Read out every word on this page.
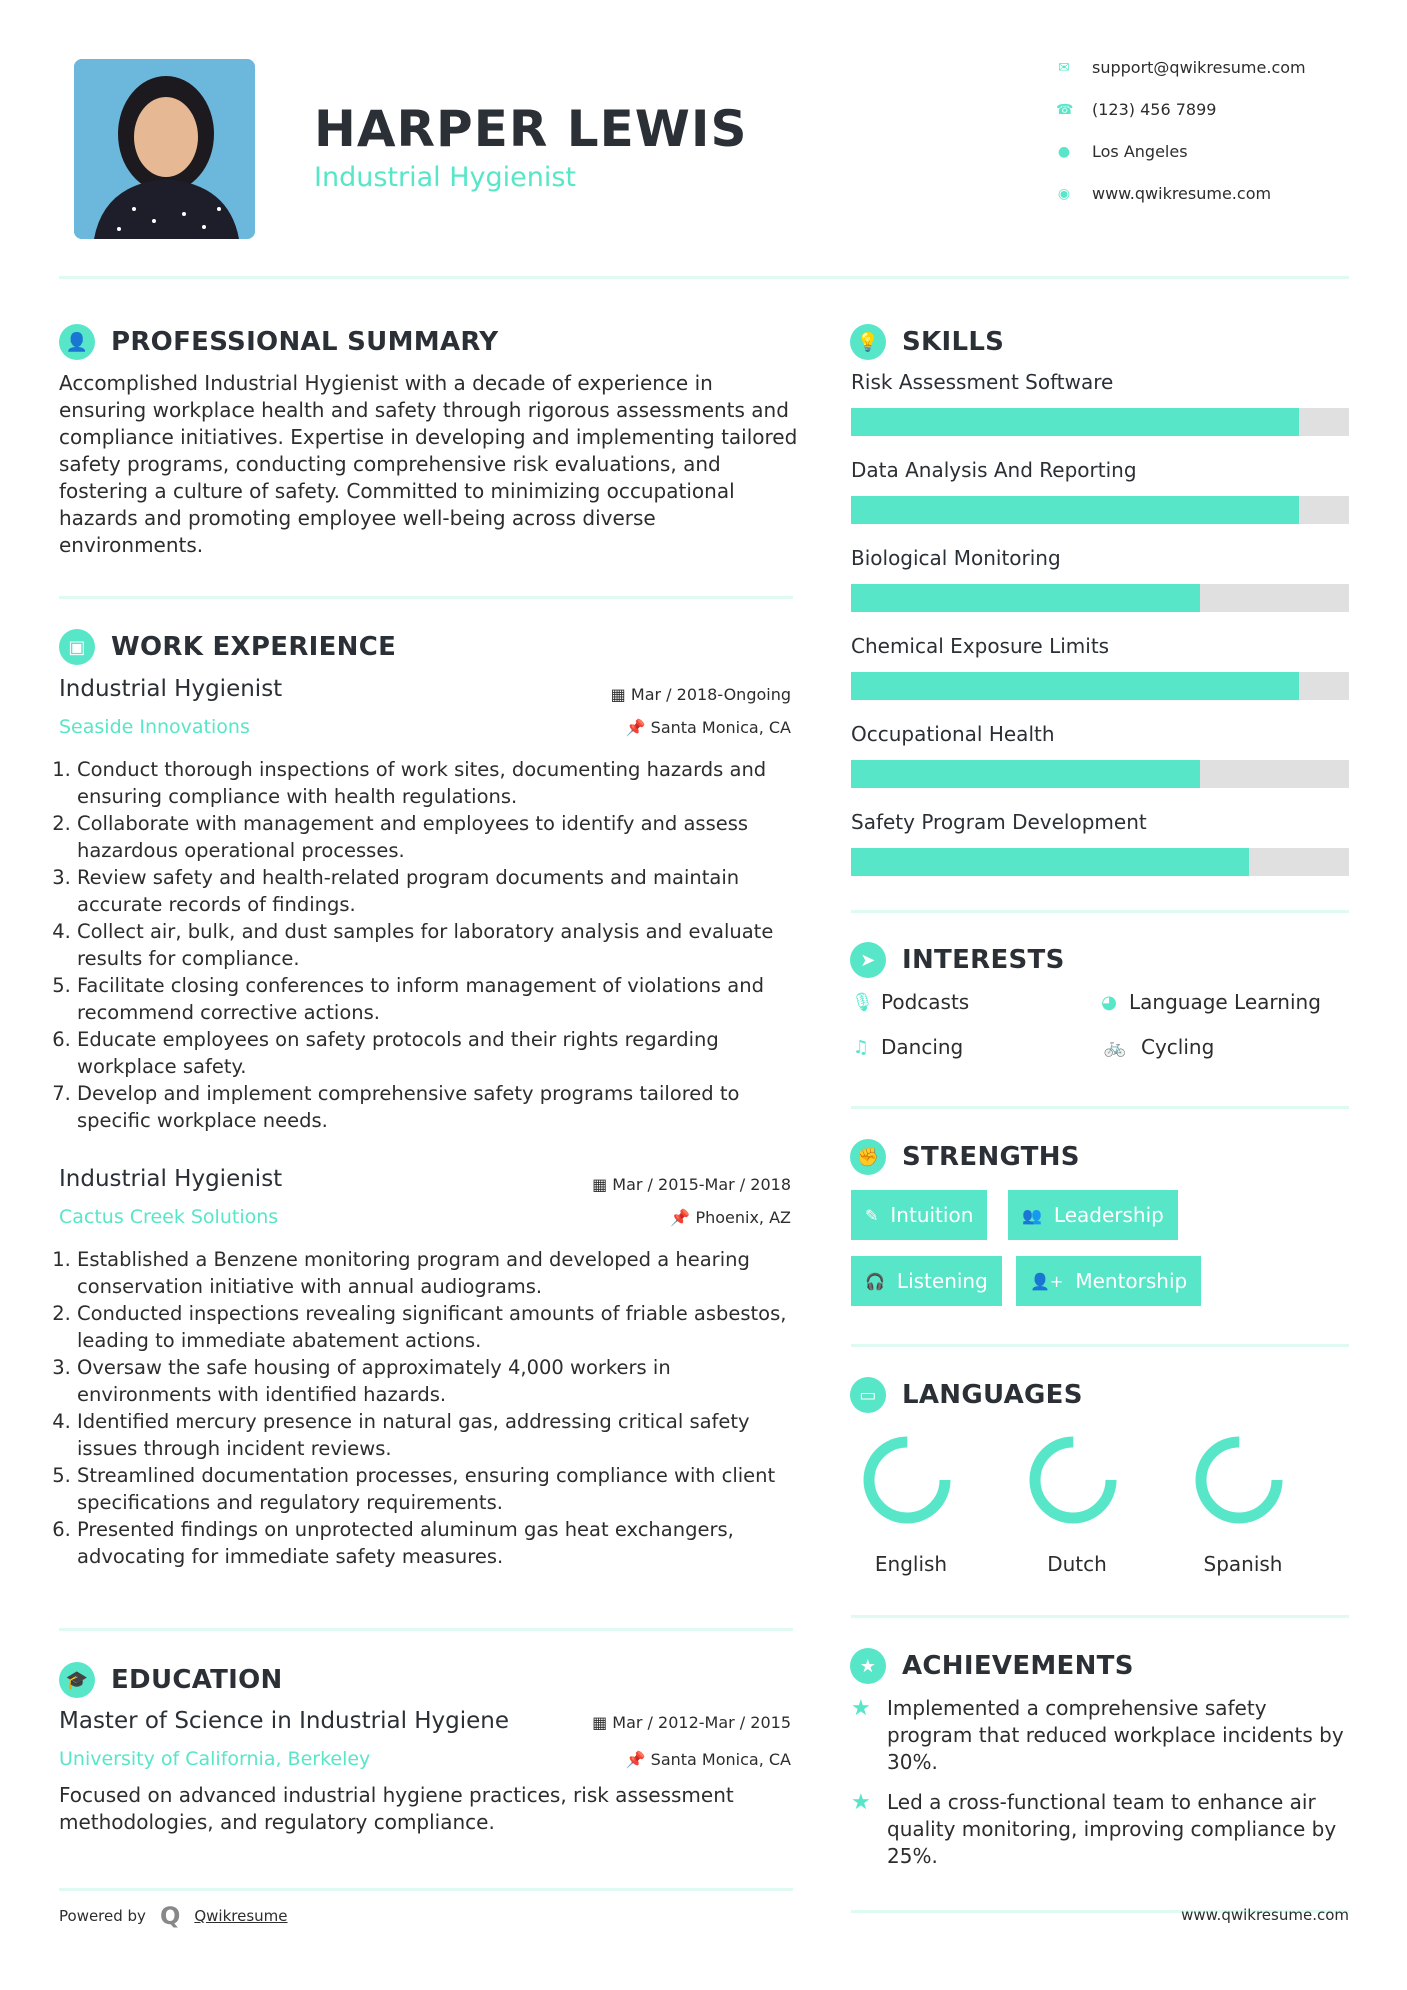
HARPER LEWIS
Industrial Hygienist
✉ support@qwikresume.com
☎ (123) 456 7899
● Los Angeles
◉ www.qwikresume.com
👤 PROFESSIONAL SUMMARY
Accomplished Industrial Hygienist with a decade of experience in ensuring workplace health and safety through rigorous assessments and compliance initiatives. Expertise in developing and implementing tailored safety programs, conducting comprehensive risk evaluations, and fostering a culture of safety. Committed to minimizing occupational hazards and promoting employee well-being across diverse environments.
▣ WORK EXPERIENCE
Industrial Hygienist	▦ Mar / 2018-Ongoing
Seaside Innovations	📌 Santa Monica, CA
1. Conduct thorough inspections of work sites, documenting hazards and ensuring compliance with health regulations.
2. Collaborate with management and employees to identify and assess hazardous operational processes.
3. Review safety and health-related program documents and maintain accurate records of findings.
4. Collect air, bulk, and dust samples for laboratory analysis and evaluate results for compliance.
5. Facilitate closing conferences to inform management of violations and recommend corrective actions.
6. Educate employees on safety protocols and their rights regarding workplace safety.
7. Develop and implement comprehensive safety programs tailored to specific workplace needs.
Industrial Hygienist	▦ Mar / 2015-Mar / 2018
Cactus Creek Solutions	📌 Phoenix, AZ
1. Established a Benzene monitoring program and developed a hearing conservation initiative with annual audiograms.
2. Conducted inspections revealing significant amounts of friable asbestos, leading to immediate abatement actions.
3. Oversaw the safe housing of approximately 4,000 workers in environments with identified hazards.
4. Identified mercury presence in natural gas, addressing critical safety issues through incident reviews.
5. Streamlined documentation processes, ensuring compliance with client specifications and regulatory requirements.
6. Presented findings on unprotected aluminum gas heat exchangers, advocating for immediate safety measures.
🎓 EDUCATION
Master of Science in Industrial Hygiene	▦ Mar / 2012-Mar / 2015
University of California, Berkeley	📌 Santa Monica, CA
Focused on advanced industrial hygiene practices, risk assessment methodologies, and regulatory compliance.
Powered by Q Qwikresume
💡 SKILLS
Risk Assessment Software
Data Analysis And Reporting
Biological Monitoring
Chemical Exposure Limits
Occupational Health
Safety Program Development
➤	INTERESTS
🎙 Podcasts	◕ Language Learning
♫ Dancing	🚲 Cycling
✊ STRENGTHS
✎ Intuition	👥 Leadership
🎧 Listening	👤+ Mentorship
▭ LANGUAGES
English	Dutch	Spanish
★ ACHIEVEMENTS
★ Implemented a comprehensive safety program that reduced workplace incidents by 30%.
★ Led a cross-functional team to enhance air quality monitoring, improving compliance by 25%.
www.qwikresume.com
